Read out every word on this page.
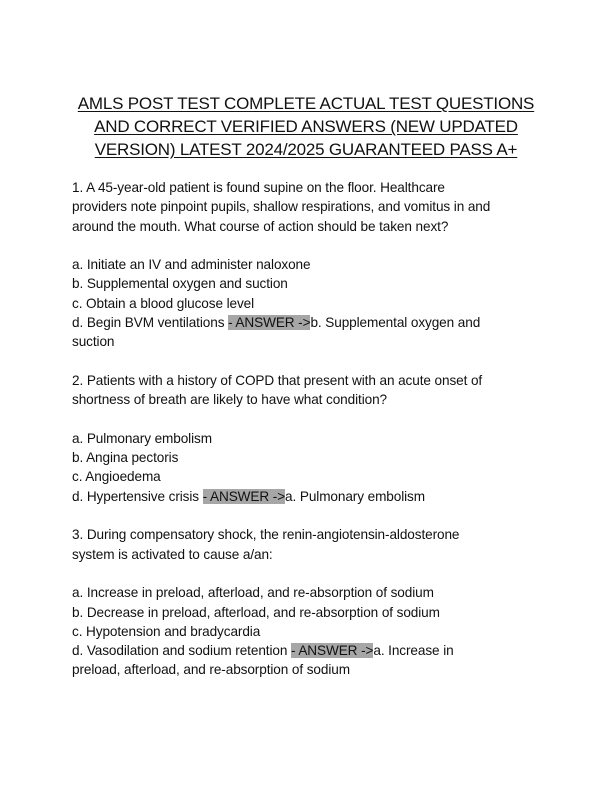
AMLS POST TEST COMPLETE ACTUAL TEST QUESTIONS
AND CORRECT VERIFIED ANSWERS (NEW UPDATED
VERSION) LATEST 2024/2025 GUARANTEED PASS A+
1. A 45-year-old patient is found supine on the floor. Healthcare
providers note pinpoint pupils, shallow respirations, and vomitus in and
around the mouth. What course of action should be taken next?
a. Initiate an IV and administer naloxone
b. Supplemental oxygen and suction
c. Obtain a blood glucose level
d. Begin BVM ventilations - ANSWER ->b. Supplemental oxygen and
suction
2. Patients with a history of COPD that present with an acute onset of
shortness of breath are likely to have what condition?
a. Pulmonary embolism
b. Angina pectoris
c. Angioedema
d. Hypertensive crisis - ANSWER ->a. Pulmonary embolism
3. During compensatory shock, the renin-angiotensin-aldosterone
system is activated to cause a/an:
a. Increase in preload, afterload, and re-absorption of sodium
b. Decrease in preload, afterload, and re-absorption of sodium
c. Hypotension and bradycardia
d. Vasodilation and sodium retention - ANSWER ->a. Increase in
preload, afterload, and re-absorption of sodium
